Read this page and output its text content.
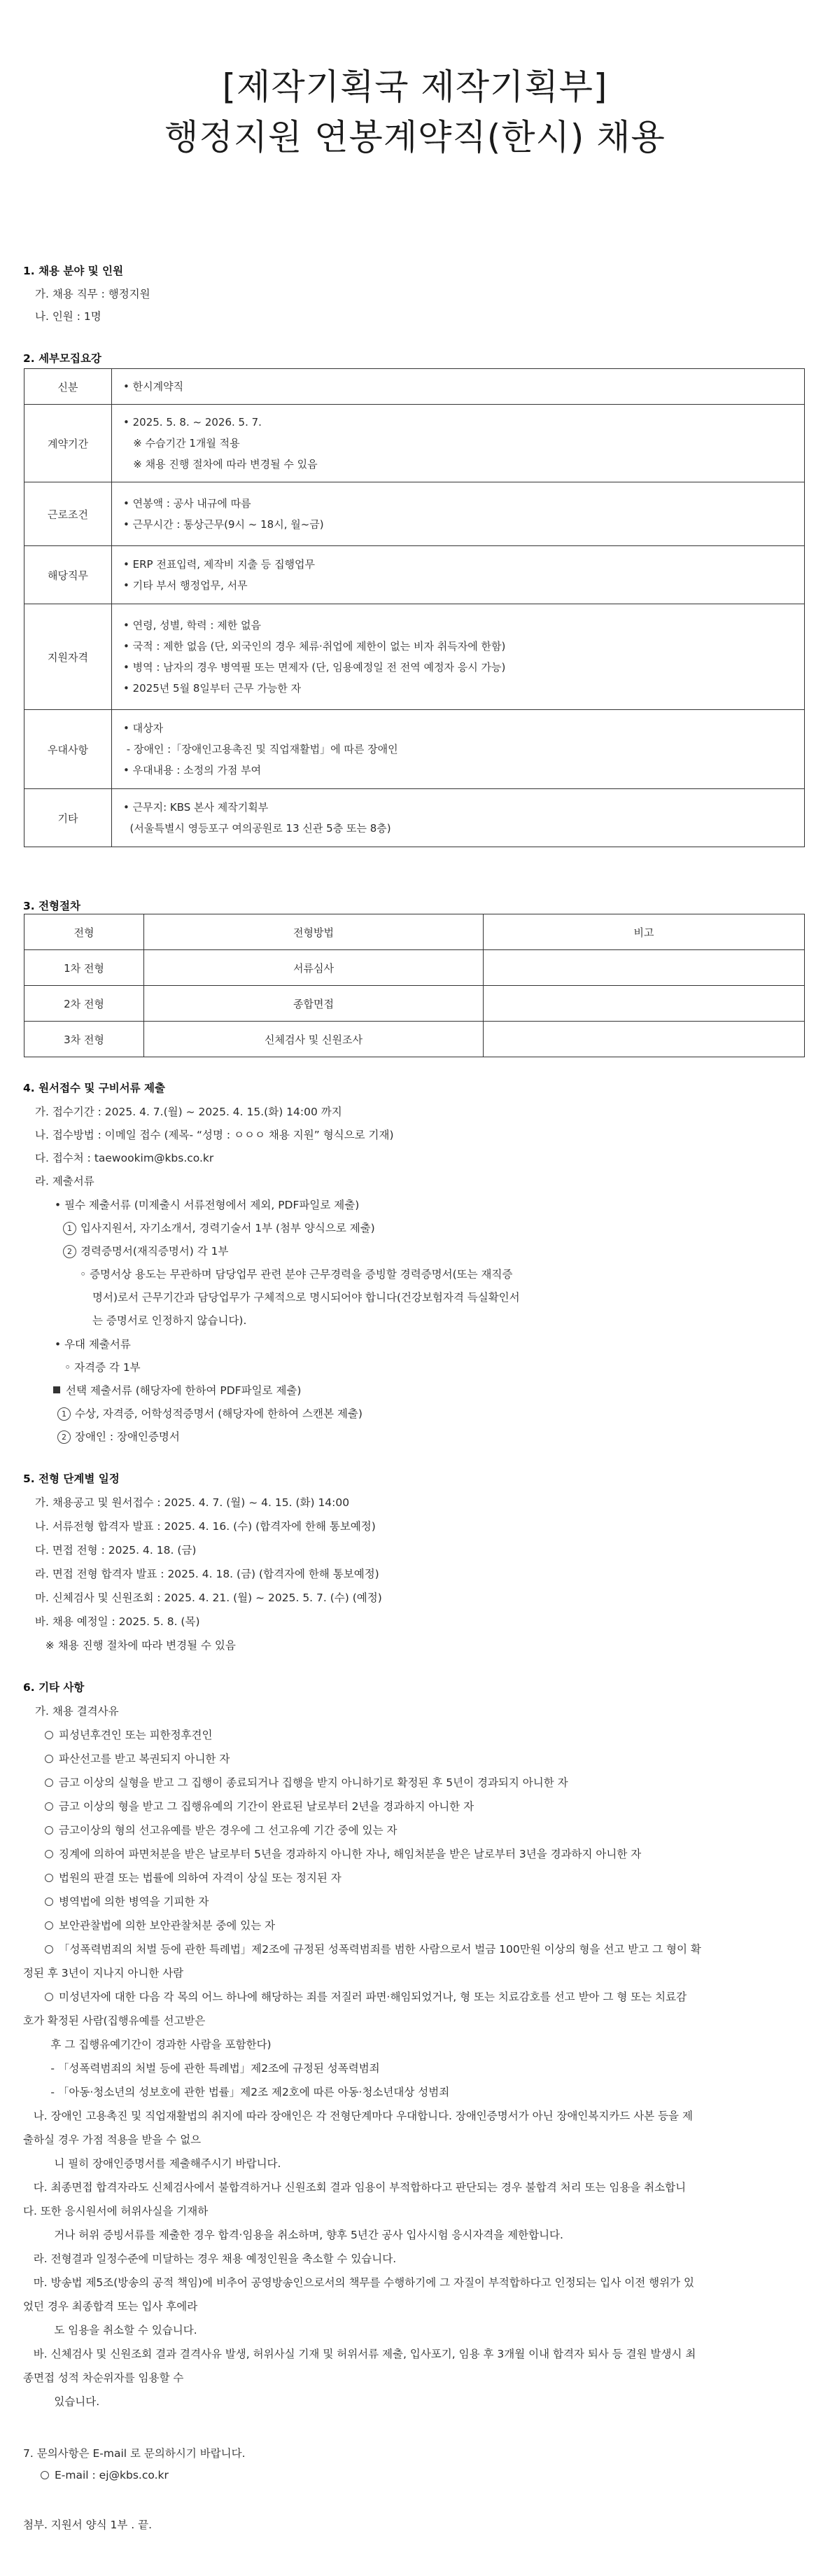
[제작기획국 제작기획부]
행정지원 연봉계약직(한시) 채용

1. 채용 분야 및 인원

가. 채용 직무 : 행정지원

나. 인원 : 1명

2. 세부모집요강

신분	• 한시계약직

계약기간	• 2025. 5. 8. ~ 2026. 5. 7.
※ 수습기간 1개월 적용
※ 채용 진행 절차에 따라 변경될 수 있음

근로조건	• 연봉액 : 공사 내규에 따름
• 근무시간 : 통상근무(9시 ~ 18시, 월~금)

해당직무	• ERP 전표입력, 제작비 지출 등 집행업무
• 기타 부서 행정업무, 서무

지원자격	• 연령, 성별, 학력 : 제한 없음
• 국적 : 제한 없음 (단, 외국인의 경우 체류·취업에 제한이 없는 비자 취득자에 한함)
• 병역 : 남자의 경우 병역필 또는 면제자 (단, 임용예정일 전 전역 예정자 응시 가능)
• 2025년 5월 8일부터 근무 가능한 자

우대사항	• 대상자
- 장애인 :「장애인고용촉진 및 직업재활법」에 따른 장애인
• 우대내용 : 소정의 가점 부여

기타	• 근무지: KBS 본사 제작기획부
(서울특별시 영등포구 여의공원로 13 신관 5층 또는 8층)

3. 전형절차

전형	전형방법	비고
1차 전형	서류심사	
2차 전형	종합면접	
3차 전형	신체검사 및 신원조사	

4. 원서접수 및 구비서류 제출

가. 접수기간 : 2025. 4. 7.(월) ~ 2025. 4. 15.(화) 14:00 까지

나. 접수방법 : 이메일 접수 (제목- “성명 : ㅇㅇㅇ 채용 지원” 형식으로 기재)

다. 접수처 : taewookim@kbs.co.kr

라. 제출서류

• 필수 제출서류 (미제출시 서류전형에서 제외, PDF파일로 제출)

1 입사지원서, 자기소개서, 경력기술서 1부 (첨부 양식으로 제출)

2 경력증명서(재직증명서) 각 1부

◦ 증명서상 용도는 무관하며 담당업무 관련 분야 근무경력을 증빙할 경력증명서(또는 재직증

명서)로서 근무기간과 담당업무가 구체적으로 명시되어야 합니다(건강보험자격 득실확인서

는 증명서로 인정하지 않습니다).

• 우대 제출서류

◦ 자격증 각 1부

선택 제출서류 (해당자에 한하여 PDF파일로 제출)

1 수상, 자격증, 어학성적증명서 (해당자에 한하여 스캔본 제출)

2 장애인 : 장애인증명서

5. 전형 단계별 일정

가. 채용공고 및 원서접수 : 2025. 4. 7. (월) ~ 4. 15. (화) 14:00

나. 서류전형 합격자 발표 : 2025. 4. 16. (수) (합격자에 한해 통보예정)

다. 면접 전형 : 2025. 4. 18. (금)

라. 면접 전형 합격자 발표 : 2025. 4. 18. (금) (합격자에 한해 통보예정)

마. 신체검사 및 신원조회 : 2025. 4. 21. (월) ~ 2025. 5. 7. (수) (예정)

바. 채용 예정일 : 2025. 5. 8. (목)

※ 채용 진행 절차에 따라 변경될 수 있음

6. 기타 사항

가. 채용 결격사유

피성년후견인 또는 피한정후견인

파산선고를 받고 복권되지 아니한 자

금고 이상의 실형을 받고 그 집행이 종료되거나 집행을 받지 아니하기로 확정된 후 5년이 경과되지 아니한 자

금고 이상의 형을 받고 그 집행유예의 기간이 완료된 날로부터 2년을 경과하지 아니한 자

금고이상의 형의 선고유예를 받은 경우에 그 선고유예 기간 중에 있는 자

징계에 의하여 파면처분을 받은 날로부터 5년을 경과하지 아니한 자나, 해임처분을 받은 날로부터 3년을 경과하지 아니한 자

법원의 판결 또는 법률에 의하여 자격이 상실 또는 정지된 자

병역법에 의한 병역을 기피한 자

보안관찰법에 의한 보안관찰처분 중에 있는 자

「성폭력범죄의 처벌 등에 관한 특례법」제2조에 규정된 성폭력범죄를 범한 사람으로서 벌금 100만원 이상의 형을 선고 받고 그 형이 확

정된 후 3년이 지나지 아니한 사람

미성년자에 대한 다음 각 목의 어느 하나에 해당하는 죄를 저질러 파면·해임되었거나, 형 또는 치료감호를 선고 받아 그 형 또는 치료감

호가 확정된 사람(집행유예를 선고받은

후 그 집행유예기간이 경과한 사람을 포함한다)

- 「성폭력범죄의 처벌 등에 관한 특례법」제2조에 규정된 성폭력범죄

- 「아동·청소년의 성보호에 관한 법률」제2조 제2호에 따른 아동·청소년대상 성범죄

나. 장애인 고용촉진 및 직업재활법의 취지에 따라 장애인은 각 전형단계마다 우대합니다. 장애인증명서가 아닌 장애인복지카드 사본 등을 제

출하실 경우 가점 적용을 받을 수 없으

니 필히 장애인증명서를 제출해주시기 바랍니다.

다. 최종면접 합격자라도 신체검사에서 불합격하거나 신원조회 결과 임용이 부적합하다고 판단되는 경우 불합격 처리 또는 임용을 취소합니

다. 또한 응시원서에 허위사실을 기재하

거나 허위 증빙서류를 제출한 경우 합격·임용을 취소하며, 향후 5년간 공사 입사시험 응시자격을 제한합니다.

라. 전형결과 일정수준에 미달하는 경우 채용 예정인원을 축소할 수 있습니다.

마. 방송법 제5조(방송의 공적 책임)에 비추어 공영방송인으로서의 책무를 수행하기에 그 자질이 부적합하다고 인정되는 입사 이전 행위가 있

었던 경우 최종합격 또는 입사 후에라

도 임용을 취소할 수 있습니다.

바. 신체검사 및 신원조회 결과 결격사유 발생, 허위사실 기재 및 허위서류 제출, 입사포기, 임용 후 3개월 이내 합격자 퇴사 등 결원 발생시 최

종면접 성적 차순위자를 임용할 수

있습니다.

7. 문의사항은 E-mail 로 문의하시기 바랍니다.

E-mail : ej@kbs.co.kr

첨부. 지원서 양식 1부 . 끝.
